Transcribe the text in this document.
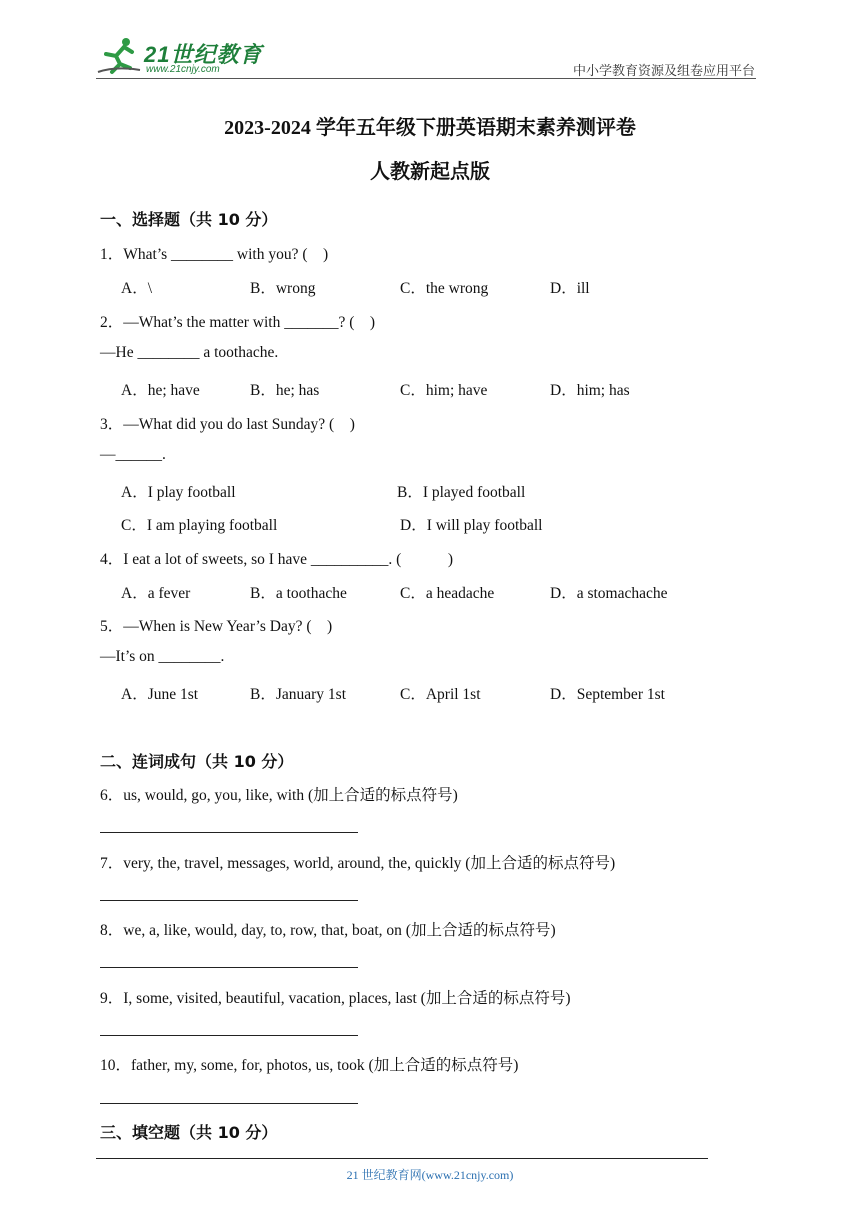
21世纪教育
www.21cnjy.com	中小学教育资源及组卷应用平台
2023-2024 学年五年级下册英语期末素养测评卷
人教新起点版
一、选择题（共 10 分）
1．What’s ________ with you? (　)
A．\	B．wrong	C．the wrong	D．ill
2．—What’s the matter with _______? (　)
—He ________ a toothache.
A．he; have	B．he; has	C．him; have	D．him; has
3．—What did you do last Sunday? (　)
—______.
A．I play football	B．I played football
C．I am playing football	D．I will play football
4．I eat a lot of sweets, so I have __________. (　　　)
A．a fever	B．a toothache	C．a headache	D．a stomachache
5．—When is New Year’s Day? (　)
—It’s on ________.
A．June 1st	B．January 1st	C．April 1st	D．September 1st
二、连词成句（共 10 分）
6．us, would, go, you, like, with (加上合适的标点符号)
7．very, the, travel, messages, world, around, the, quickly (加上合适的标点符号)
8．we, a, like, would, day, to, row, that, boat, on (加上合适的标点符号)
9．I, some, visited, beautiful, vacation, places, last (加上合适的标点符号)
10．father, my, some, for, photos, us, took (加上合适的标点符号)
三、填空题（共 10 分）
21 世纪教育网(www.21cnjy.com)
